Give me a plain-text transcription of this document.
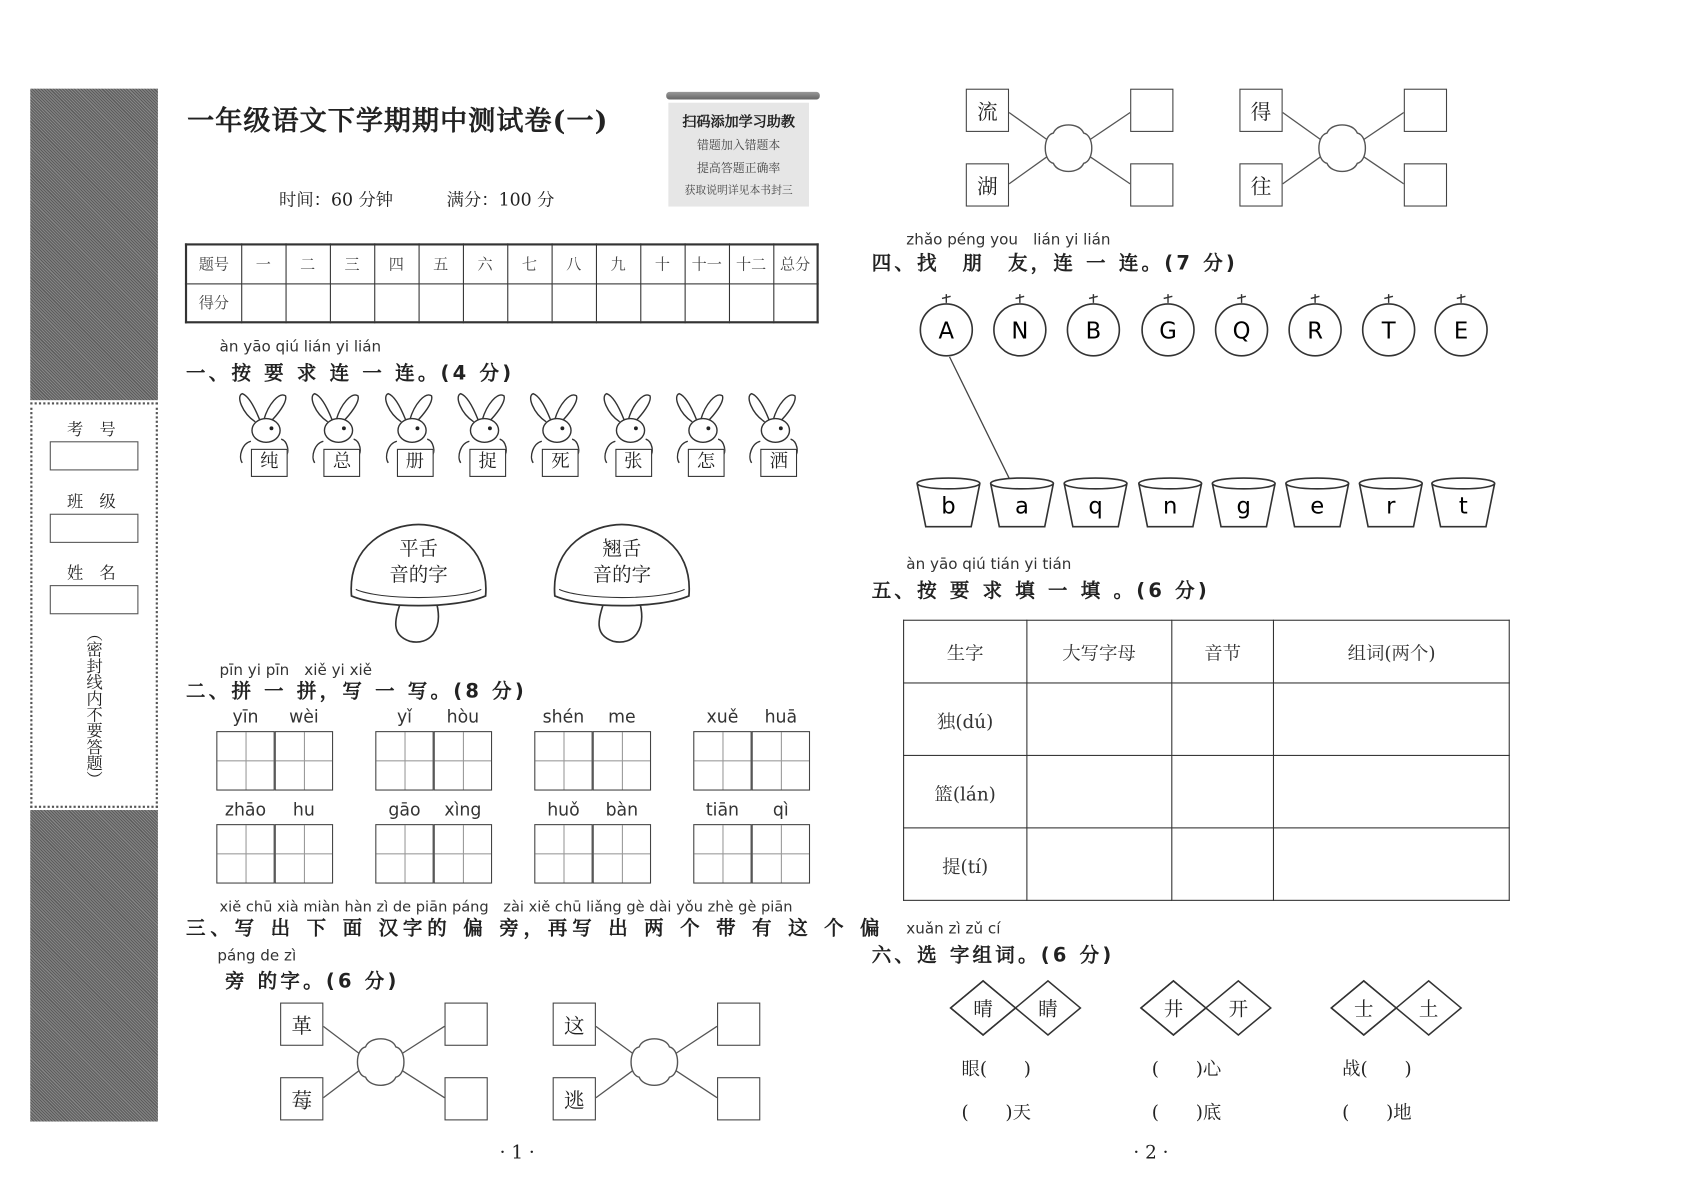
考　号
班　级
姓　名
（密封线内不要答题）
一年级语文下学期期中测试卷(一)	扫码添加学习助教
错题加入错题本
提高答题正确率
获取说明详见本书封三
时间：60 分钟	满分：100 分
题号	一	二	三	四	五	六	七	八	九	十	十一	十二	总分
得分													
àn yāo qiú lián yi lián
一、按 要 求 连 一 连。(4 分)
pīn yi pīn　xiě yi xiě
二、拼 一 拼，写 一 写。(8 分)
xiě chū xià miàn hàn zì de piān páng　zài xiě chū liǎng gè dài yǒu zhè gè piān
三、写 出 下 面 汉字的 偏 旁，再写 出 两 个 带 有 这 个 偏
páng de zì
旁 的字。(6 分)
· 1 ·
zhǎo péng you　lián yi lián
四、找　朋　友，连 一 连。(7 分)
A	N	B	G	Q	R	T	E
b	a	q	n	g	e	r	t
àn yāo qiú tián yi tián
五、按 要 求 填 一 填 。(6 分)
生字	大写字母	音节	组词(两个)
独(dú)			
篮(lán)			
提(tí)			
xuǎn zì zǔ cí
六、选 字组词。(6 分)
· 2 ·
纯	总	册	捉	死	张	怎	洒
平舌
音的字
翘舌
音的字
yīn	wèi	yǐ	hòu	shén	me	xuě	huā
zhāo	hu	gāo	xìng	huǒ	bàn	tiān	qì
革
莓
这
逃
流
湖
得
往
晴	睛
眼(　　)
(　　)天
井	开
(　　)心
(　　)底
士	土
战(　　)
(　　)地
